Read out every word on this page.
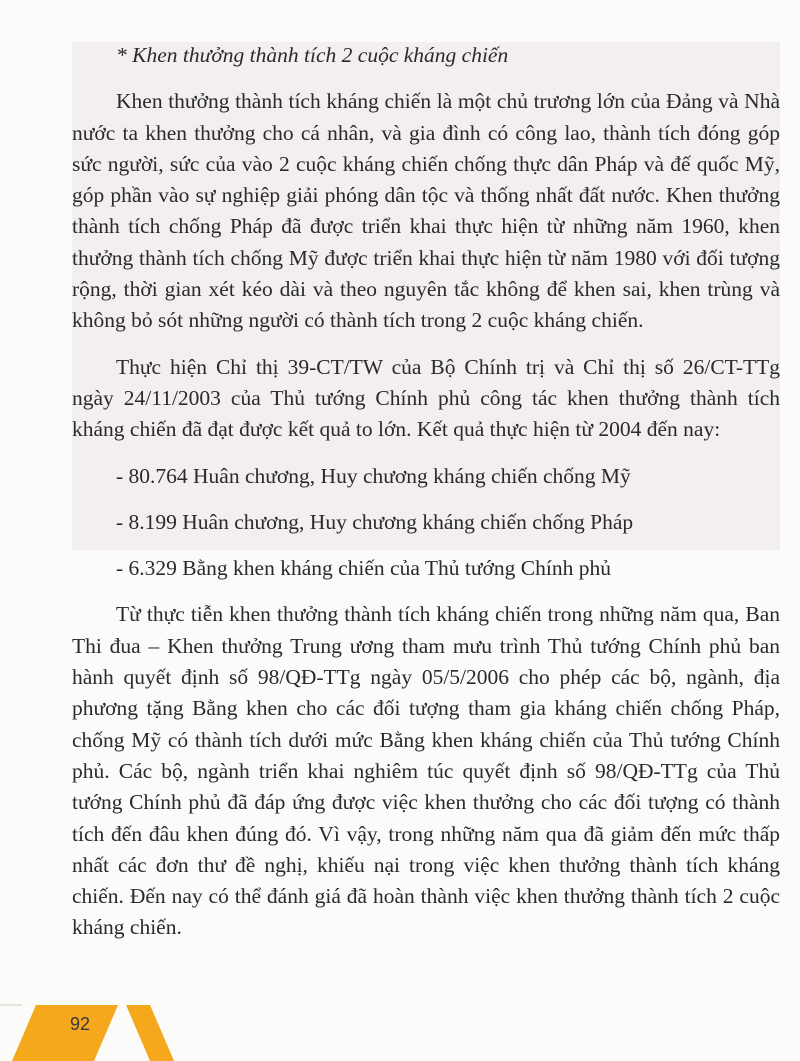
* Khen thưởng thành tích 2 cuộc kháng chiến

Khen thưởng thành tích kháng chiến là một chủ trương lớn của Đảng và Nhà nước ta khen thưởng cho cá nhân, và gia đình có công lao, thành tích đóng góp sức người, sức của vào 2 cuộc kháng chiến chống thực dân Pháp và đế quốc Mỹ, góp phần vào sự nghiệp giải phóng dân tộc và thống nhất đất nước. Khen thưởng thành tích chống Pháp đã được triển khai thực hiện từ những năm 1960, khen thưởng thành tích chống Mỹ được triển khai thực hiện từ năm 1980 với đối tượng rộng, thời gian xét kéo dài và theo nguyên tắc không để khen sai, khen trùng và không bỏ sót những người có thành tích trong 2 cuộc kháng chiến.

Thực hiện Chỉ thị 39-CT/TW của Bộ Chính trị và Chỉ thị số 26/CT-TTg ngày 24/11/2003 của Thủ tướng Chính phủ công tác khen thưởng thành tích kháng chiến đã đạt được kết quả to lớn. Kết quả thực hiện từ 2004 đến nay:

- 80.764 Huân chương, Huy chương kháng chiến chống Mỹ

- 8.199 Huân chương, Huy chương kháng chiến chống Pháp

- 6.329 Bằng khen kháng chiến của Thủ tướng Chính phủ

Từ thực tiễn khen thưởng thành tích kháng chiến trong những năm qua, Ban Thi đua – Khen thưởng Trung ương tham mưu trình Thủ tướng Chính phủ ban hành quyết định số 98/QĐ-TTg ngày 05/5/2006 cho phép các bộ, ngành, địa phương tặng Bằng khen cho các đối tượng tham gia kháng chiến chống Pháp, chống Mỹ có thành tích dưới mức Bằng khen kháng chiến của Thủ tướng Chính phủ. Các bộ, ngành triển khai nghiêm túc quyết định số 98/QĐ-TTg của Thủ tướng Chính phủ đã đáp ứng được việc khen thưởng cho các đối tượng có thành tích đến đâu khen đúng đó. Vì vậy, trong những năm qua đã giảm đến mức thấp nhất các đơn thư đề nghị, khiếu nại trong việc khen thưởng thành tích kháng chiến. Đến nay có thể đánh giá đã hoàn thành việc khen thưởng thành tích 2 cuộc kháng chiến.

92
